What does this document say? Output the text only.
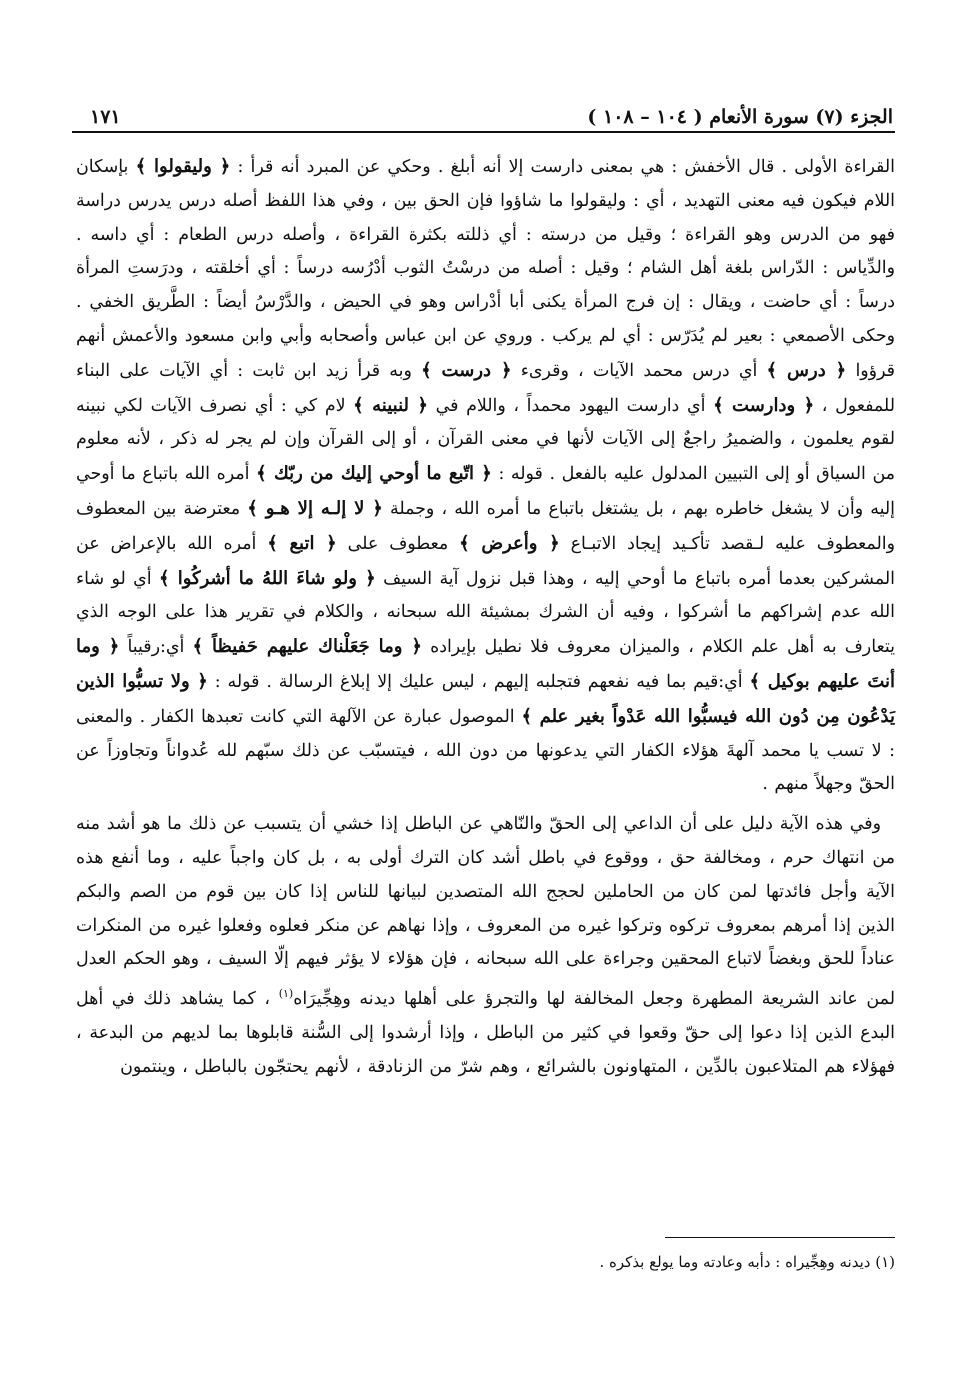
الجزء (٧) سورة الأنعام ( ١٠٤ – ١٠٨ )
١٧١

القراءة الأولى . قال الأخفش : هي بمعنى دارست إلا أنه أبلغ . وحكي عن المبرد أنه قرأ : ﴿ وليقولوا ﴾ بإسكان اللام فيكون فيه معنى التهديد ، أي : وليقولوا ما شاؤوا فإن الحق بين ، وفي هذا اللفظ أصله درس يدرس دراسة فهو من الدرس وهو القراءة ؛ وقيل من درسته : أي ذللته بكثرة القراءة ، وأصله درس الطعام : أي داسه . والدِّياس : الدّراس بلغة أهل الشام ؛ وقيل : أصله من درسْتُ الثوب أدْرُسه درساً : أي أخلقته ، ودرَستِ المرأة درساً : أي حاضت ، ويقال : إن فرج المرأة يكنى أبا أدْراس وهو في الحيض ، والدَّرْسُ أيضاً : الطَّريق الخفي . وحكى الأصمعي : بعير لم يُدَرّس : أي لم يركب . وروي عن ابن عباس وأصحابه وأبي وابن مسعود والأعمش أنهم قرؤوا ﴿ درس ﴾ أي درس محمد الآيات ، وقرىء ﴿ درست ﴾ وبه قرأ زيد ابن ثابت : أي الآيات على البناء للمفعول ، ﴿ ودارست ﴾ أي دارست اليهود محمداً ، واللام في ﴿ لنبينه ﴾ لام كي : أي نصرف الآيات لكي نبينه لقوم يعلمون ، والضميرُ راجعٌ إلى الآيات لأنها في معنى القرآن ، أو إلى القرآن وإن لم يجر له ذكر ، لأنه معلوم من السياق أو إلى التبيين المدلول عليه بالفعل . قوله : ﴿ اتّبع ما أوحي إليك من ربّك ﴾ أمره الله باتباع ما أوحي إليه وأن لا يشغل خاطره بهم ، بل يشتغل باتباع ما أمره الله ، وجملة ﴿ لا إلـه إلا هـو ﴾ معترضة بين المعطوف والمعطوف عليه لـقصد تأكـيد إيجاد الاتبـاع ﴿ وأعرض ﴾ معطوف على ﴿ اتبع ﴾ أمره الله بالإعراض عن المشركين بعدما أمره باتباع ما أوحي إليه ، وهذا قبل نزول آية السيف ﴿ ولو شاءَ اللهُ ما أشركُوا ﴾ أي لو شاء الله عدم إشراكهم ما أشركوا ، وفيه أن الشرك بمشيئة الله سبحانه ، والكلام في تقرير هذا على الوجه الذي يتعارف به أهل علم الكلام ، والميزان معروف فلا نطيل بإيراده ﴿ وما جَعَلْناك عليهم حَفيظاً ﴾ أي:رقيباً ﴿ وما أنتَ عليهم بوكيل ﴾ أي:قيم بما فيه نفعهم فتجلبه إليهم ، ليس عليك إلا إبلاغ الرسالة . قوله : ﴿ ولا تسبُّوا الذين يَدْعُون مِن دُون الله فيسبُّوا الله عَدْواً بغير علم ﴾ الموصول عبارة عن الآلهة التي كانت تعبدها الكفار . والمعنى : لا تسب يا محمد آلهةَ هؤلاء الكفار التي يدعونها من دون الله ، فيتسبّب عن ذلك سبّهم لله عُدواناً وتجاوزاً عن الحقّ وجهلاً منهم .

وفي هذه الآية دليل على أن الداعي إلى الحقّ والنّاهي عن الباطل إذا خشي أن يتسبب عن ذلك ما هو أشد منه من انتهاك حرم ، ومخالفة حق ، ووقوع في باطل أشد كان الترك أولى به ، بل كان واجباً عليه ، وما أنفع هذه الآية وأجل فائدتها لمن كان من الحاملين لحجج الله المتصدين لبيانها للناس إذا كان بين قوم من الصم والبكم الذين إذا أمرهم بمعروف تركوه وتركوا غيره من المعروف ، وإذا نهاهم عن منكر فعلوه وفعلوا غيره من المنكرات عناداً للحق وبغضاً لاتباع المحقين وجراءة على الله سبحانه ، فإن هؤلاء لا يؤثر فيهم إلّا السيف ، وهو الحكم العدل لمن عاند الشريعة المطهرة وجعل المخالفة لها والتجرؤ على أهلها ديدنه وهِجِّيرَاه$^{(١)}$ ، كما يشاهد ذلك في أهل البدع الذين إذا دعوا إلى حقّ وقعوا في كثير من الباطل ، وإذا أرشدوا إلى السُّنة قابلوها بما لديهم من البدعة ، فهؤلاء هم المتلاعبون بالدِّين ، المتهاونون بالشرائع ، وهم شرّ من الزنادقة ، لأنهم يحتجّون بالباطل ، وينتمون

(١) ديدنه وهِجِّيراه : دأبه وعادته وما يولع بذكره .
